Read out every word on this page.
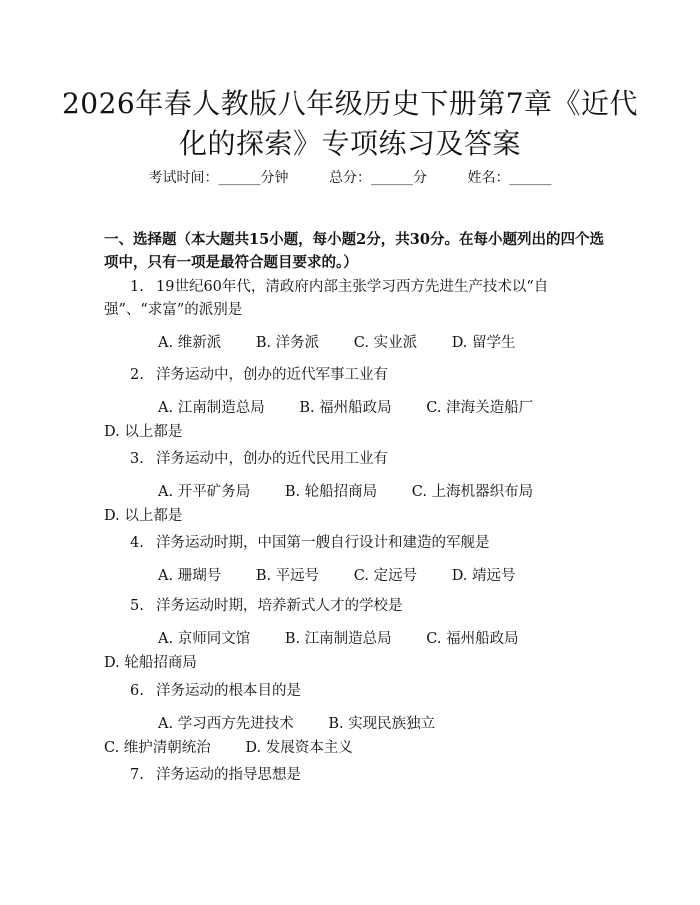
2026年春人教版八年级历史下册第7章《近代化的探索》专项练习及答案
考试时间：______分钟	总分：______分	姓名：______
一、选择题（本大题共15小题，每小题2分，共30分。在每小题列出的四个选项中，只有一项是最符合题目要求的。）
1. 19世纪60年代，清政府内部主张学习西方先进生产技术以“自强”、“求富”的派别是
A. 维新派 B. 洋务派 C. 实业派 D. 留学生
2. 洋务运动中，创办的近代军事工业有
A. 江南制造总局 B. 福州船政局 C. 津海关造船厂 D. 以上都是
3. 洋务运动中，创办的近代民用工业有
A. 开平矿务局 B. 轮船招商局 C. 上海机器织布局 D. 以上都是
4. 洋务运动时期，中国第一艘自行设计和建造的军舰是
A. 珊瑚号 B. 平远号 C. 定远号 D. 靖远号
5. 洋务运动时期，培养新式人才的学校是
A. 京师同文馆 B. 江南制造总局 C. 福州船政局 D. 轮船招商局
6. 洋务运动的根本目的是
A. 学习西方先进技术 B. 实现民族独立 C. 维护清朝统治 D. 发展资本主义
7. 洋务运动的指导思想是
